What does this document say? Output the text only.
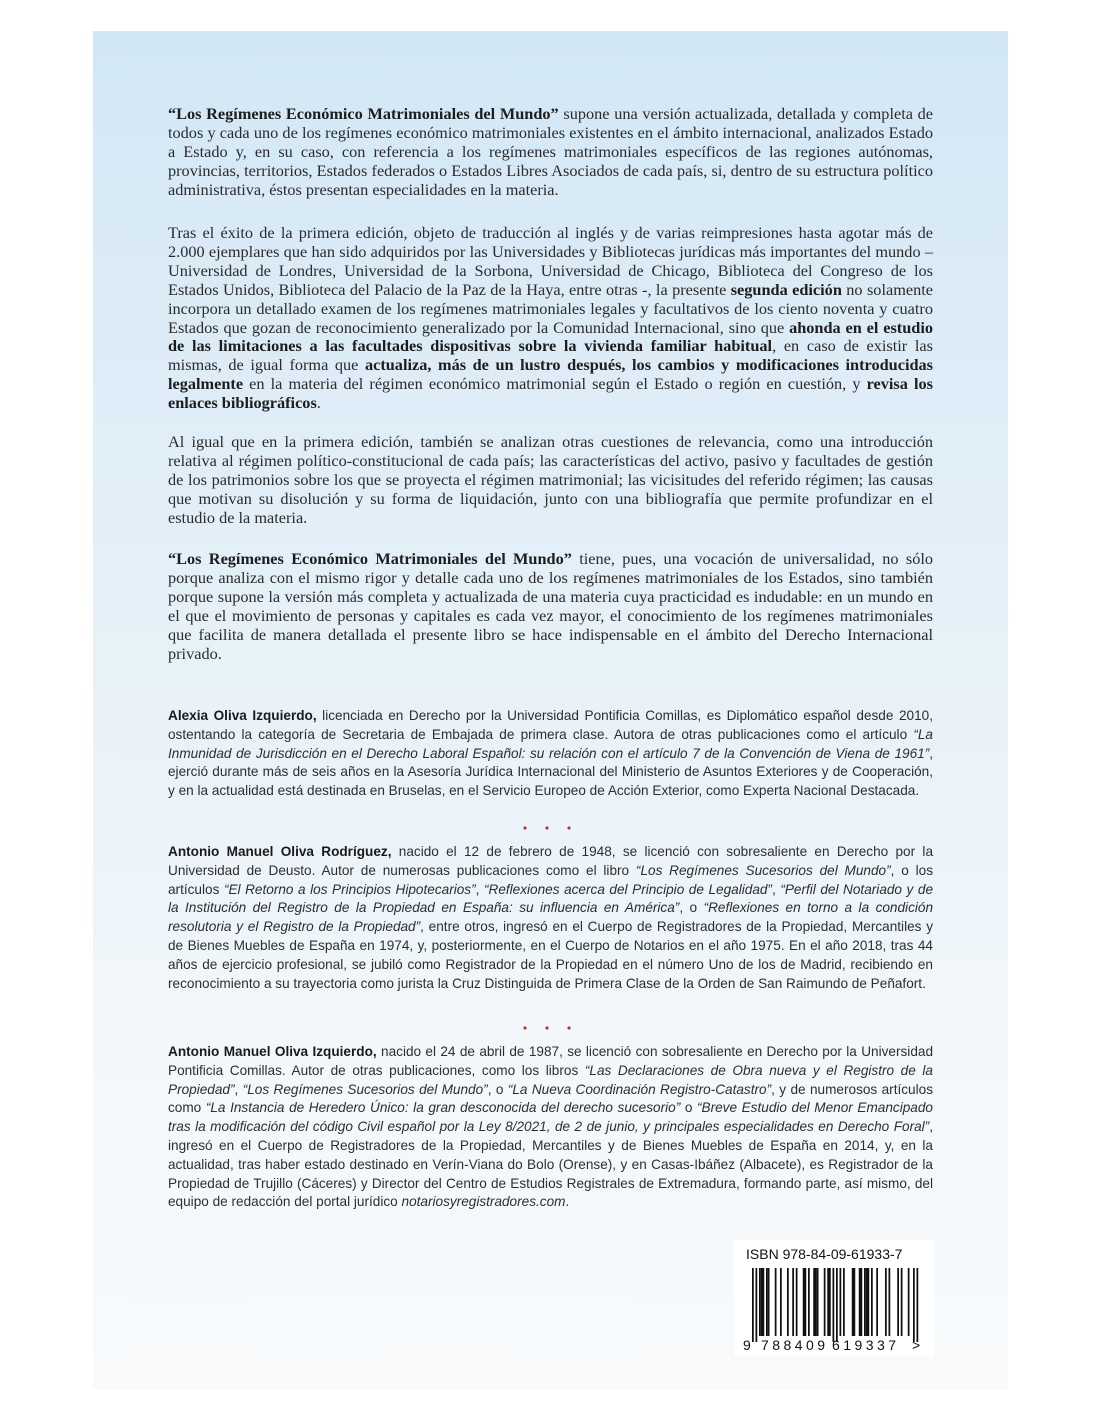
“Los Regímenes Económico Matrimoniales del Mundo” supone una versión actualizada, detallada y completa de todos y cada uno de los regímenes económico matrimoniales existentes en el ámbito internacional, analizados Estado a Estado y, en su caso, con referencia a los regímenes matrimoniales específicos de las regiones autónomas, provincias, territorios, Estados federados o Estados Libres Asociados de cada país, si, dentro de su estructura político administrativa, éstos presentan especialidades en la materia.

Tras el éxito de la primera edición, objeto de traducción al inglés y de varias reimpresiones hasta agotar más de 2.000 ejemplares que han sido adquiridos por las Universidades y Bibliotecas jurídicas más importantes del mundo – Universidad de Londres, Universidad de la Sorbona, Universidad de Chicago, Biblioteca del Congreso de los Estados Unidos, Biblioteca del Palacio de la Paz de la Haya, entre otras -, la presente segunda edición no solamente incorpora un detallado examen de los regímenes matrimoniales legales y facultativos de los ciento noventa y cuatro Estados que gozan de reconocimiento generalizado por la Comunidad Internacional, sino que ahonda en el estudio de las limitaciones a las facultades dispositivas sobre la vivienda familiar habitual, en caso de existir las mismas, de igual forma que actualiza, más de un lustro después, los cambios y modificaciones introducidas legalmente en la materia del régimen económico matrimonial según el Estado o región en cuestión, y revisa los enlaces bibliográficos.

Al igual que en la primera edición, también se analizan otras cuestiones de relevancia, como una introducción relativa al régimen político-constitucional de cada país; las características del activo, pasivo y facultades de gestión de los patrimonios sobre los que se proyecta el régimen matrimonial; las vicisitudes del referido régimen; las causas que motivan su disolución y su forma de liquidación, junto con una bibliografía que permite profundizar en el estudio de la materia.

“Los Regímenes Económico Matrimoniales del Mundo” tiene, pues, una vocación de universalidad, no sólo porque analiza con el mismo rigor y detalle cada uno de los regímenes matrimoniales de los Estados, sino también porque supone la versión más completa y actualizada de una materia cuya practicidad es indudable: en un mundo en el que el movimiento de personas y capitales es cada vez mayor, el conocimiento de los regímenes matrimoniales que facilita de manera detallada el presente libro se hace indispensable en el ámbito del Derecho Internacional privado.

Alexia Oliva Izquierdo, licenciada en Derecho por la Universidad Pontificia Comillas, es Diplomático español desde 2010, ostentando la categoría de Secretaria de Embajada de primera clase. Autora de otras publicaciones como el artículo “La Inmunidad de Jurisdicción en el Derecho Laboral Español: su relación con el artículo 7 de la Convención de Viena de 1961”, ejerció durante más de seis años en la Asesoría Jurídica Internacional del Ministerio de Asuntos Exteriores y de Cooperación, y en la actualidad está destinada en Bruselas, en el Servicio Europeo de Acción Exterior, como Experta Nacional Destacada.

• • •

Antonio Manuel Oliva Rodríguez, nacido el 12 de febrero de 1948, se licenció con sobresaliente en Derecho por la Universidad de Deusto. Autor de numerosas publicaciones como el libro “Los Regímenes Sucesorios del Mundo”, o los artículos “El Retorno a los Principios Hipotecarios”, “Reflexiones acerca del Principio de Legalidad”, “Perfil del Notariado y de la Institución del Registro de la Propiedad en España: su influencia en América”, o “Reflexiones en torno a la condición resolutoria y el Registro de la Propiedad”, entre otros, ingresó en el Cuerpo de Registradores de la Propiedad, Mercantiles y de Bienes Muebles de España en 1974, y, posteriormente, en el Cuerpo de Notarios en el año 1975. En el año 2018, tras 44 años de ejercicio profesional, se jubiló como Registrador de la Propiedad en el número Uno de los de Madrid, recibiendo en reconocimiento a su trayectoria como jurista la Cruz Distinguida de Primera Clase de la Orden de San Raimundo de Peñafort.

• • •

Antonio Manuel Oliva Izquierdo, nacido el 24 de abril de 1987, se licenció con sobresaliente en Derecho por la Universidad Pontificia Comillas. Autor de otras publicaciones, como los libros “Las Declaraciones de Obra nueva y el Registro de la Propiedad”, “Los Regímenes Sucesorios del Mundo”, o “La Nueva Coordinación Registro-Catastro”, y de numerosos artículos como “La Instancia de Heredero Único: la gran desconocida del derecho sucesorio” o “Breve Estudio del Menor Emancipado tras la modificación del código Civil español por la Ley 8/2021, de 2 de junio, y principales especialidades en Derecho Foral”, ingresó en el Cuerpo de Registradores de la Propiedad, Mercantiles y de Bienes Muebles de España en 2014, y, en la actualidad, tras haber estado destinado en Verín-Viana do Bolo (Orense), y en Casas-Ibáñez (Albacete), es Registrador de la Propiedad de Trujillo (Cáceres) y Director del Centro de Estudios Registrales de Extremadura, formando parte, así mismo, del equipo de redacción del portal jurídico notariosyregistradores.com.

ISBN 978-84-09-61933-7
9 788409 619337 >
